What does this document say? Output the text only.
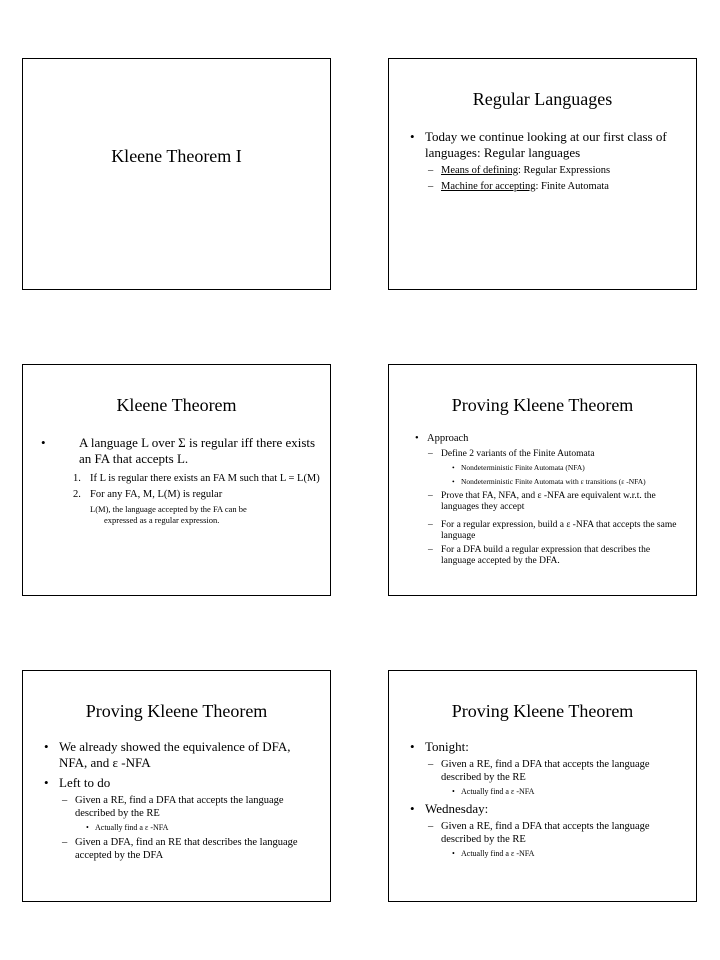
Kleene Theorem I
Regular Languages
• Today we continue looking at our first class of languages: Regular languages
– Means of defining: Regular Expressions
– Machine for accepting: Finite Automata
Kleene Theorem
•	A language L over Σ is regular iff there exists an FA that accepts L.
1. If L is regular there exists an FA M such that L = L(M)
2. For any FA, M, L(M) is regular
L(M), the language accepted by the FA can be
expressed as a regular expression.
Proving Kleene Theorem
• Approach
– Define 2 variants of the Finite Automata
• Nondeterministic Finite Automata (NFA)
• Nondeterministic Finite Automata with ε transitions (ε -NFA)
– Prove that FA, NFA, and ε -NFA are equivalent w.r.t. the languages they accept
– For a regular expression, build a ε -NFA that accepts the same language
– For a DFA build a regular expression that describes the language accepted by the DFA.
Proving Kleene Theorem
• We already showed the equivalence of DFA, NFA, and ε -NFA
• Left to do
– Given a RE, find a DFA that accepts the language described by the RE
• Actually find a ε -NFA
– Given a DFA, find an RE that describes the language accepted by the DFA
Proving Kleene Theorem
• Tonight:
– Given a RE, find a DFA that accepts the language described by the RE
• Actually find a ε -NFA
• Wednesday:
– Given a RE, find a DFA that accepts the language described by the RE
• Actually find a ε -NFA
